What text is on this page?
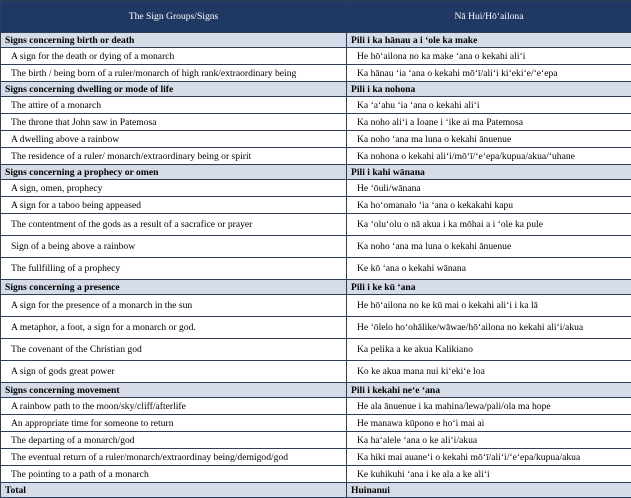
The Sign Groups/Signs	Nā Hui/Hōʻailona
Signs concerning birth or death	Pili i ka hānau a i ʻole ka make
A sign for the death or dying of a monarch	He hōʻailona no ka make ʻana o kekahi aliʻi
The birth / being born of a ruler/monarch of high rank/extraordinary being	Ka hānau ʻia ʻana o kekahi mōʻī/aliʻi kiʻekiʻe/ʻeʻepa
Signs concerning dwelling or mode of life	Pili i ka nohona
The attire of a monarch	Ka ʻaʻahu ʻia ʻana o kekahi aliʻi
The throne that John saw in Patemosa	Ka noho aliʻi a Ioane i ʻike ai ma Patemosa
A dwelling above a rainbow	Ka noho ʻana ma luna o kekahi ānuenue
The residence of a ruler/ monarch/extraordinary being or spirit	Ka nohona o kekahi aliʻi/mōʻī/ʻeʻepa/kupua/akua/ʻuhane
Signs concerning a prophecy or omen	Pili i kahi wānana
A sign, omen, prophecy	He ʻōuli/wānana
A sign for a taboo being appeased	Ka hoʻomanalo ʻia ʻana o kekakahi kapu
The contentment of the gods as a result of a sacrafice or prayer	Ka ʻoluʻolu o nā akua i ka mōhai a i ʻole ka pule
Sign of a being above a rainbow	Ka noho ʻana ma luna o kekahi ānuenue
The fullfilling of a prophecy	Ke kō ʻana o kekahi wānana
Signs concerning a presence	Pili i ke kū ʻana
A sign for the presence of a monarch in the sun	He hōʻailona no ke kū mai o kekahi aliʻi i ka lā
A metaphor, a foot, a sign for a monarch or god.	He ʻōlelo hoʻohālike/wāwae/hōʻailona no kekahi aliʻi/akua
The covenant of the Christian god	Ka pelika a ke akua Kalikiano
A sign of gods great power	Ko ke akua mana nui kiʻekiʻe loa
Signs concerning movement	Pili i kekahi neʻe ʻana
A rainbow path to the moon/sky/cliff/afterlife	He ala ānuenue i ka mahina/lewa/pali/ola ma hope
An appropriate time for someone to return	He manawa kūpono e hoʻi mai ai
The departing of a monarch/god	Ka haʻalele ʻana o ke aliʻi/akua
The eventual return of a ruler/monarch/extraordinay being/demigod/god	Ka hiki mai auaneʻi o kekahi mōʻī/aliʻi/ʻeʻepa/kupua/akua
The pointing to a path of a monarch	Ke kuhikuhi ʻana i ke ala a ke aliʻi
Total	Huinanui
